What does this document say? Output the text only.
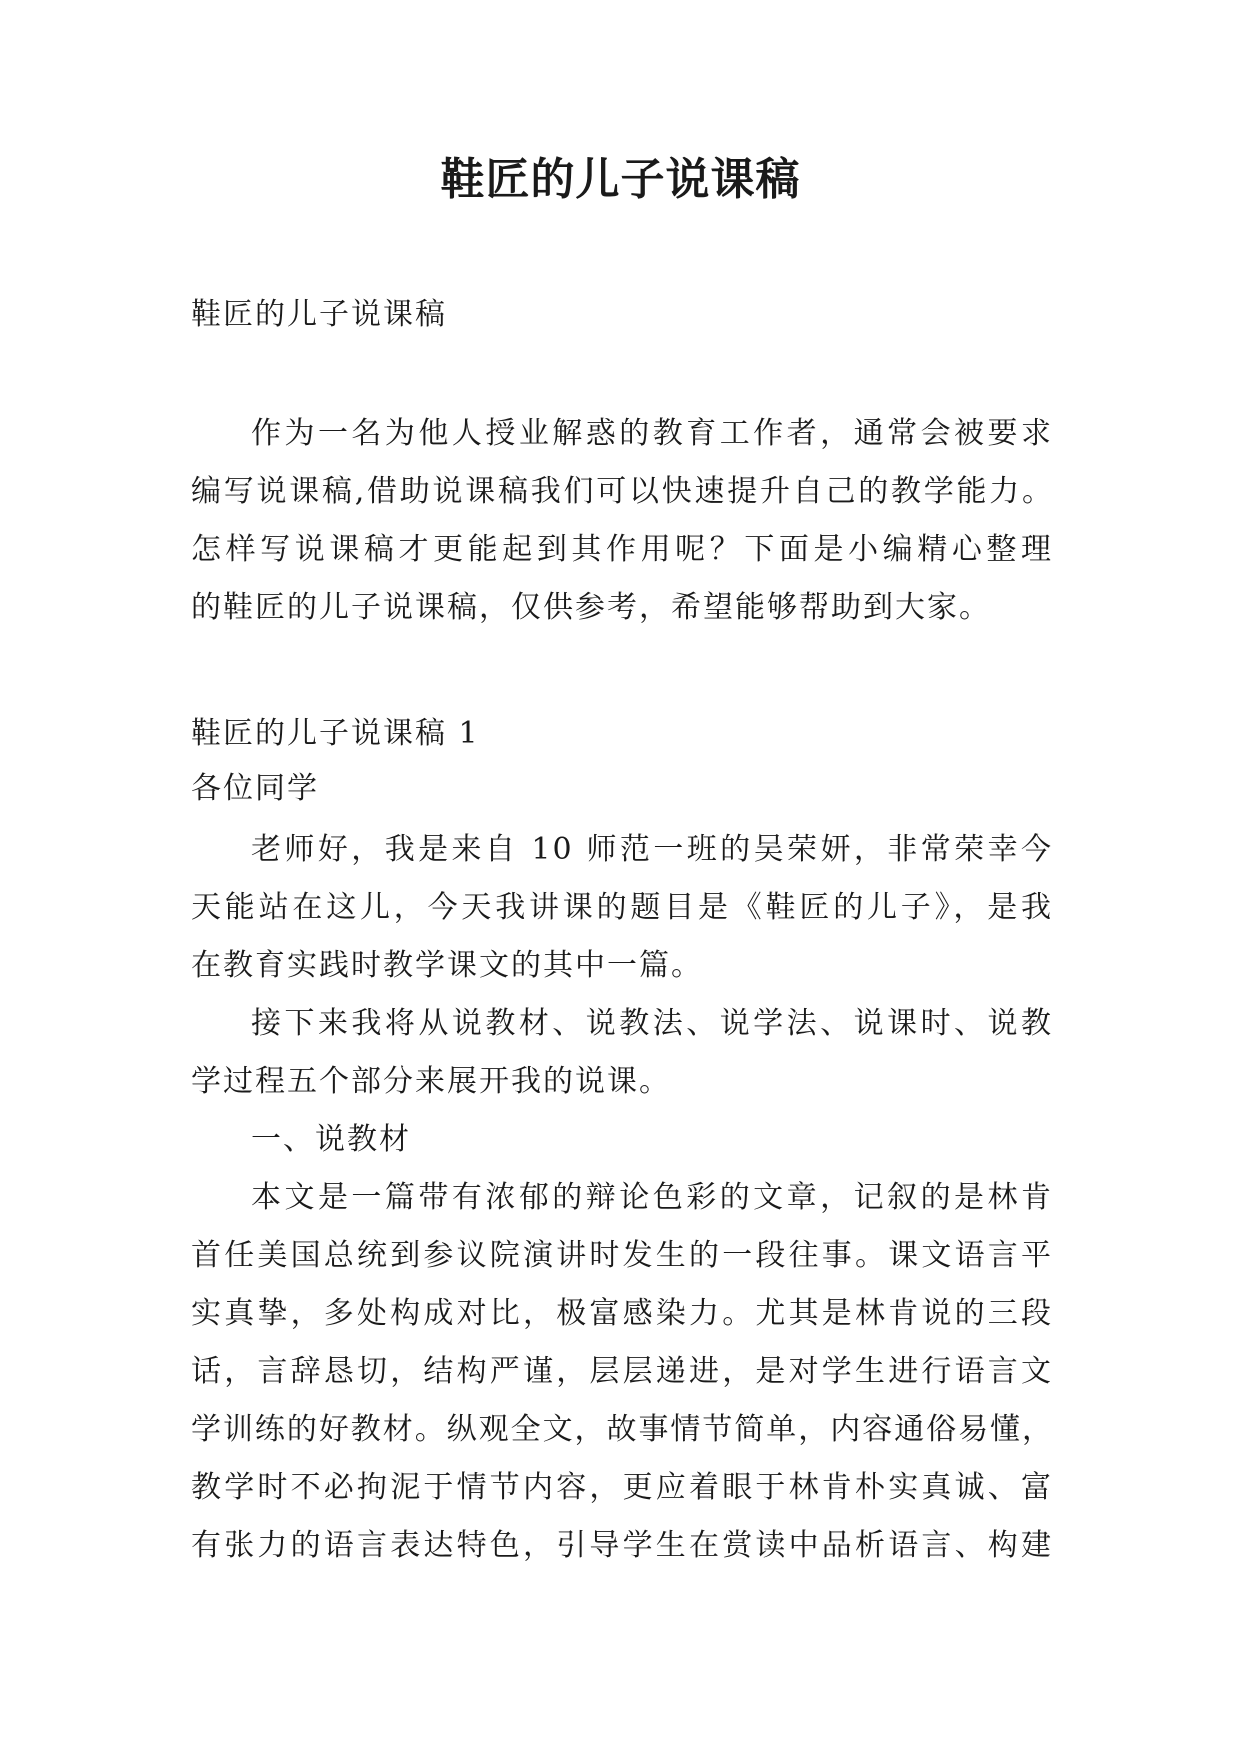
鞋匠的儿子说课稿
鞋匠的儿子说课稿
作为一名为他人授业解惑的教育工作者，通常会被要求
编写说课稿,借助说课稿我们可以快速提升自己的教学能力。
怎样写说课稿才更能起到其作用呢？下面是小编精心整理
的鞋匠的儿子说课稿，仅供参考，希望能够帮助到大家。
鞋匠的儿子说课稿 1
各位同学
老师好，我是来自 10 师范一班的吴荣妍，非常荣幸今
天能站在这儿，今天我讲课的题目是《鞋匠的儿子》，是我
在教育实践时教学课文的其中一篇。
接下来我将从说教材、说教法、说学法、说课时、说教
学过程五个部分来展开我的说课。
一、说教材
本文是一篇带有浓郁的辩论色彩的文章，记叙的是林肯
首任美国总统到参议院演讲时发生的一段往事。课文语言平
实真挚，多处构成对比，极富感染力。尤其是林肯说的三段
话，言辞恳切，结构严谨，层层递进，是对学生进行语言文
学训练的好教材。纵观全文，故事情节简单，内容通俗易懂，
教学时不必拘泥于情节内容，更应着眼于林肯朴实真诚、富
有张力的语言表达特色，引导学生在赏读中品析语言、构建
